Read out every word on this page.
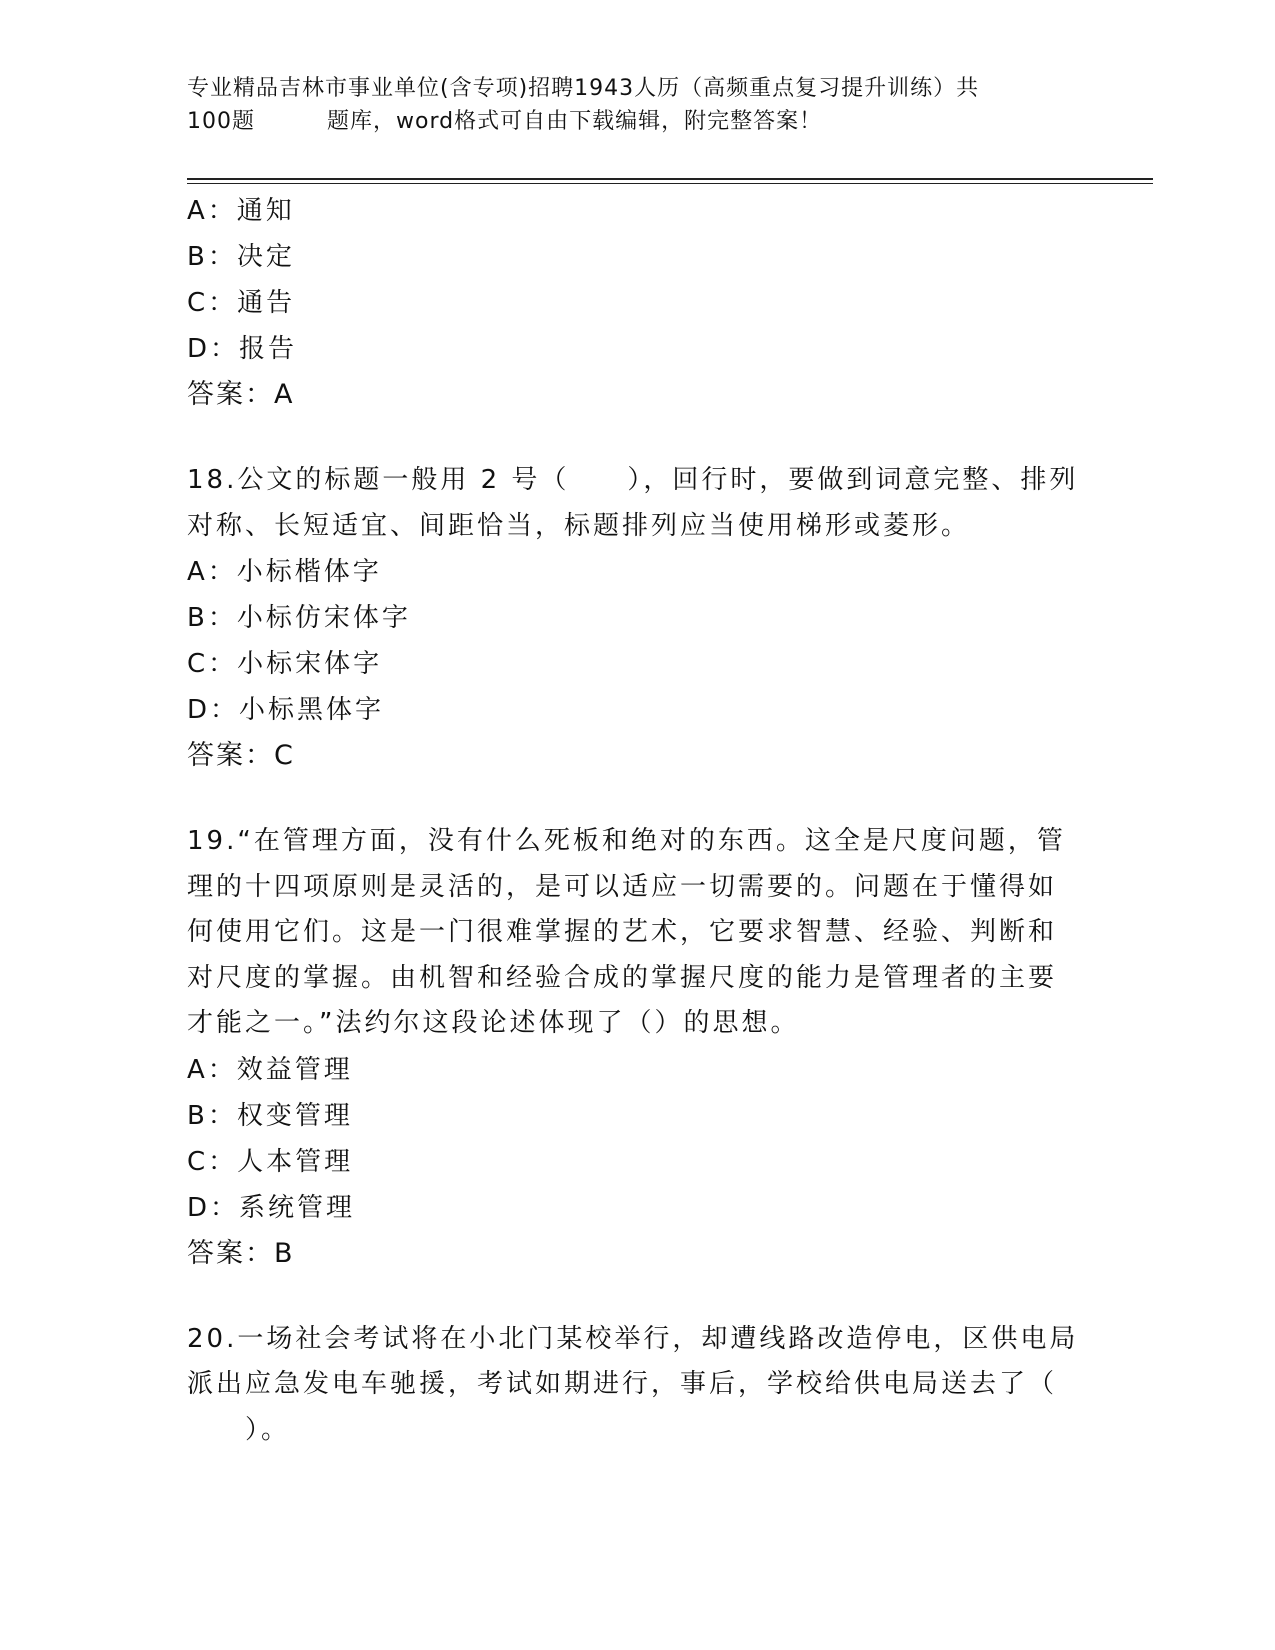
专业精品吉林市事业单位(含专项)招聘1943人历（高频重点复习提升训练）共
100题	题库，word格式可自由下载编辑，附完整答案！
A：通知
B：决定
C：通告
D：报告
答案：A
18.公文的标题一般用 2 号（　　），回行时，要做到词意完整、排列
对称、长短适宜、间距恰当，标题排列应当使用梯形或菱形。
A：小标楷体字
B：小标仿宋体字
C：小标宋体字
D：小标黑体字
答案：C
19.“在管理方面，没有什么死板和绝对的东西。这全是尺度问题，管
理的十四项原则是灵活的，是可以适应一切需要的。问题在于懂得如
何使用它们。这是一门很难掌握的艺术，它要求智慧、经验、判断和
对尺度的掌握。由机智和经验合成的掌握尺度的能力是管理者的主要
才能之一。”法约尔这段论述体现了（）的思想。
A：效益管理
B：权变管理
C：人本管理
D：系统管理
答案：B
20.一场社会考试将在小北门某校举行，却遭线路改造停电，区供电局
派出应急发电车驰援，考试如期进行，事后，学校给供电局送去了（
　　）。
